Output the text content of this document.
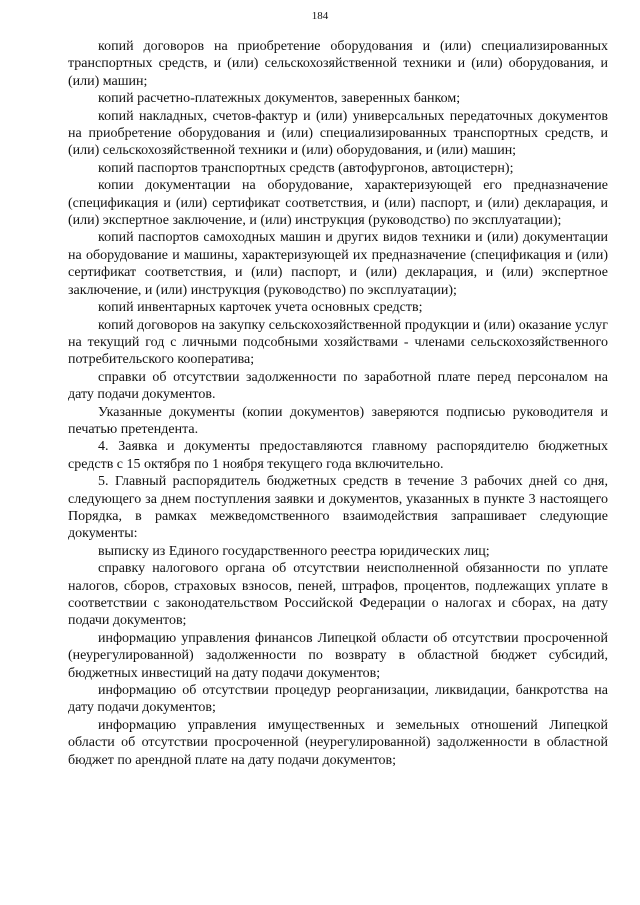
184

копий договоров на приобретение оборудования и (или) специализированных транспортных средств, и (или) сельскохозяйственной техники и (или) оборудования, и (или) машин;

копий расчетно-платежных документов, заверенных банком;

копий накладных, счетов-фактур и (или) универсальных передаточных документов на приобретение оборудования и (или) специализированных транспортных средств, и (или) сельскохозяйственной техники и (или) оборудования, и (или) машин;

копий паспортов транспортных средств (автофургонов, автоцистерн);

копии документации на оборудование, характеризующей его предназначение (спецификация и (или) сертификат соответствия, и (или) паспорт, и (или) декларация, и (или) экспертное заключение, и (или) инструкция (руководство) по эксплуатации);

копий паспортов самоходных машин и других видов техники и (или) документации на оборудование и машины, характеризующей их предназначение (спецификация и (или) сертификат соответствия, и (или) паспорт, и (или) декларация, и (или) экспертное заключение, и (или) инструкция (руководство) по эксплуатации);

копий инвентарных карточек учета основных средств;

копий договоров на закупку сельскохозяйственной продукции и (или) оказание услуг на текущий год с личными подсобными хозяйствами - членами сельскохозяйственного потребительского кооператива;

справки об отсутствии задолженности по заработной плате перед персоналом на дату подачи документов.

Указанные документы (копии документов) заверяются подписью руководителя и печатью претендента.

4. Заявка и документы предоставляются главному распорядителю бюджетных средств с 15 октября по 1 ноября текущего года включительно.

5. Главный распорядитель бюджетных средств в течение 3 рабочих дней со дня, следующего за днем поступления заявки и документов, указанных в пункте 3 настоящего Порядка, в рамках межведомственного взаимодействия запрашивает следующие документы:

выписку из Единого государственного реестра юридических лиц;

справку налогового органа об отсутствии неисполненной обязанности по уплате налогов, сборов, страховых взносов, пеней, штрафов, процентов, подлежащих уплате в соответствии с законодательством Российской Федерации о налогах и сборах, на дату подачи документов;

информацию управления финансов Липецкой области об отсутствии просроченной (неурегулированной) задолженности по возврату в областной бюджет субсидий, бюджетных инвестиций на дату подачи документов;

информацию об отсутствии процедур реорганизации, ликвидации, банкротства на дату подачи документов;

информацию управления имущественных и земельных отношений Липецкой области об отсутствии просроченной (неурегулированной) задолженности в областной бюджет по арендной плате на дату подачи документов;
